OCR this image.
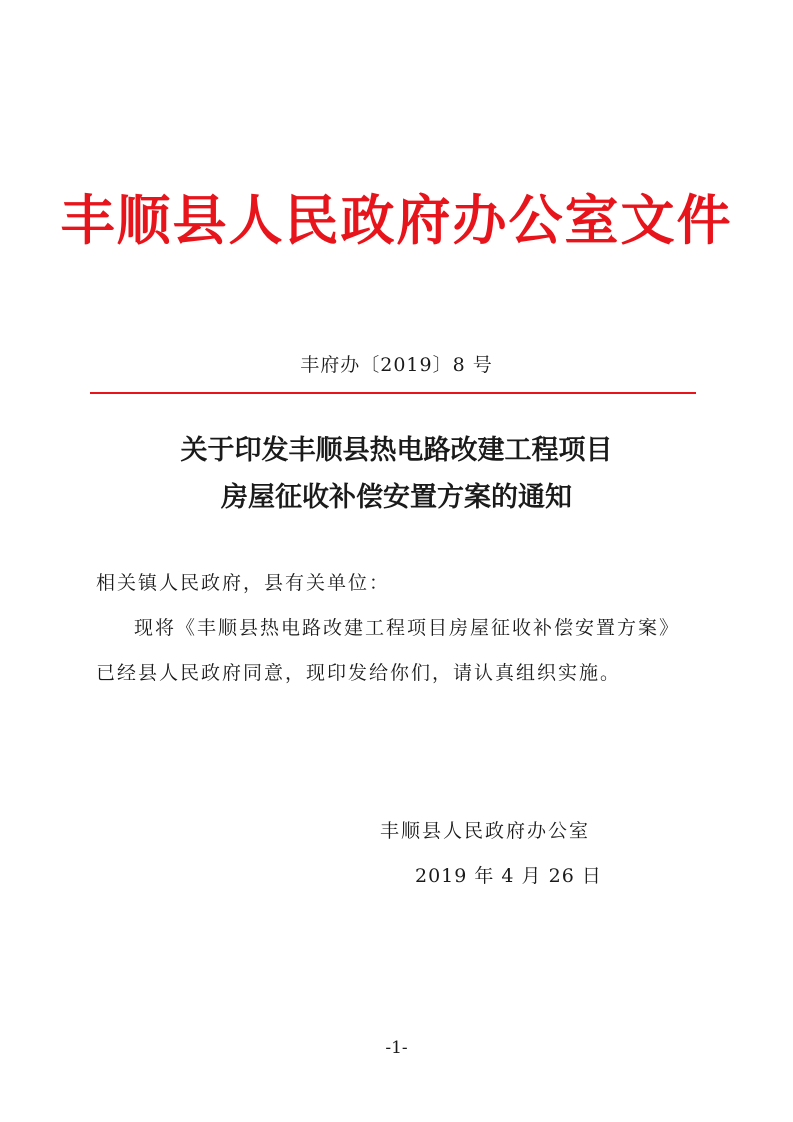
丰顺县人民政府办公室文件
丰府办〔2019〕8 号
关于印发丰顺县热电路改建工程项目
房屋征收补偿安置方案的通知
相关镇人民政府，县有关单位：
现将《丰顺县热电路改建工程项目房屋征收补偿安置方案》
已经县人民政府同意，现印发给你们，请认真组织实施。
丰顺县人民政府办公室
2019 年 4 月 26 日
-1-
